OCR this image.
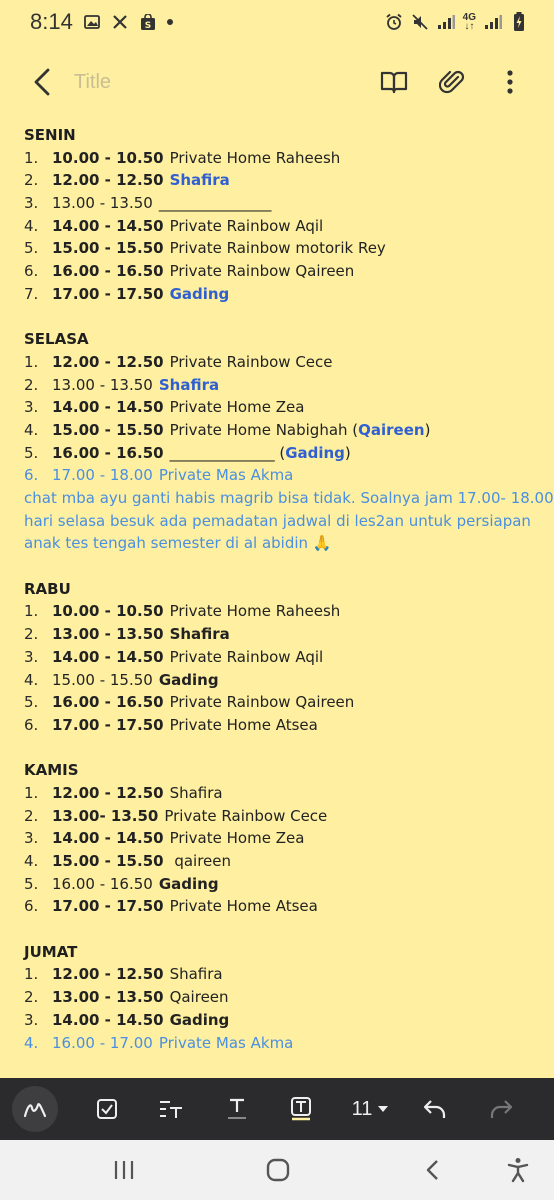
8:14	S
4G
↓↑
Title
SENIN
1. 10.00 - 10.50 Private Home Raheesh
2. 12.00 - 12.50 Shafira
3. 13.00 - 13.50 _______________
4. 14.00 - 14.50 Private Rainbow Aqil
5. 15.00 - 15.50 Private Rainbow motorik Rey
6. 16.00 - 16.50 Private Rainbow Qaireen
7. 17.00 - 17.50 Gading
SELASA
1. 12.00 - 12.50 Private Rainbow Cece
2. 13.00 - 13.50 Shafira
3. 14.00 - 14.50 Private Home Zea
4. 15.00 - 15.50 Private Home Nabighah ( Qaireen )
5. 16.00 - 16.50 ______________ ( Gading )
6. 17.00 - 18.00 Private Mas Akma
chat mba ayu ganti habis magrib bisa tidak. Soalnya jam 17.00- 18.00
hari selasa besuk ada pemadatan jadwal di les2an untuk persiapan
anak tes tengah semester di al abidin 🙏
RABU
1. 10.00 - 10.50 Private Home Raheesh
2. 13.00 - 13.50 Shafira
3. 14.00 - 14.50 Private Rainbow Aqil
4. 15.00 - 15.50 Gading
5. 16.00 - 16.50 Private Rainbow Qaireen
6. 17.00 - 17.50 Private Home Atsea
KAMIS
1. 12.00 - 12.50 Shafira
2. 13.00- 13.50 Private Rainbow Cece
3. 14.00 - 14.50 Private Home Zea
4. 15.00 - 15.50 qaireen
5. 16.00 - 16.50 Gading
6. 17.00 - 17.50 Private Home Atsea
JUMAT
1. 12.00 - 12.50 Shafira
2. 13.00 - 13.50 Qaireen
3. 14.00 - 14.50 Gading
4. 16.00 - 17.00 Private Mas Akma
11
